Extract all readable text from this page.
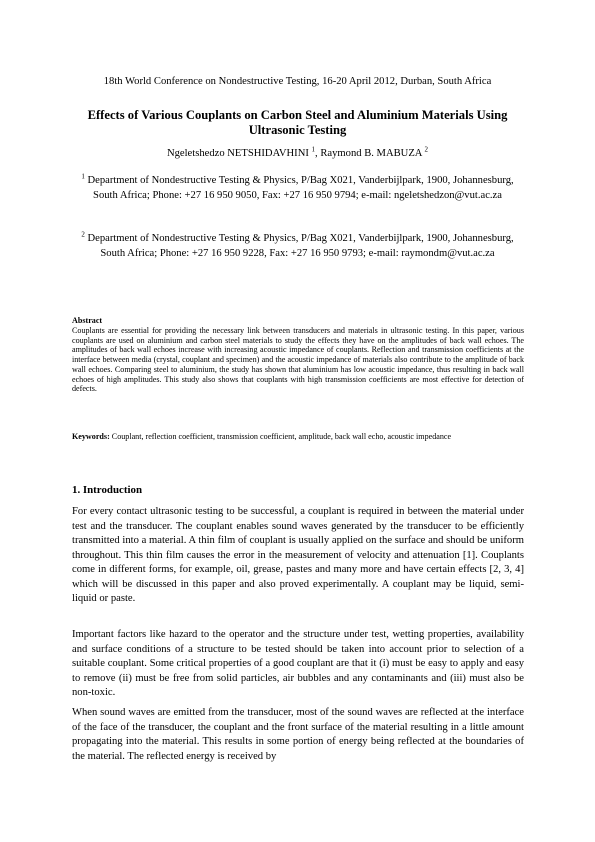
18th World Conference on Nondestructive Testing, 16-20 April 2012, Durban, South Africa
Effects of Various Couplants on Carbon Steel and Aluminium Materials Using Ultrasonic Testing
Ngeletshedzo NETSHIDAVHINI $^1$, Raymond B. MABUZA $^2$
$^1$ Department of Nondestructive Testing & Physics, P/Bag X021, Vanderbijlpark, 1900, Johannesburg, South Africa; Phone: +27 16 950 9050, Fax: +27 16 950 9794; e-mail: ngeletshedzon@vut.ac.za
$^2$ Department of Nondestructive Testing & Physics, P/Bag X021, Vanderbijlpark, 1900, Johannesburg, South Africa; Phone: +27 16 950 9228, Fax: +27 16 950 9793; e-mail: raymondm@vut.ac.za
Abstract
Couplants are essential for providing the necessary link between transducers and materials in ultrasonic testing. In this paper, various couplants are used on aluminium and carbon steel materials to study the effects they have on the amplitudes of back wall echoes. The amplitudes of back wall echoes increase with increasing acoustic impedance of couplants. Reflection and transmission coefficients at the interface between media (crystal, couplant and specimen) and the acoustic impedance of materials also contribute to the amplitude of back wall echoes. Comparing steel to aluminium, the study has shown that aluminium has low acoustic impedance, thus resulting in back wall echoes of high amplitudes. This study also shows that couplants with high transmission coefficients are most effective for detection of defects.
Keywords: Couplant, reflection coefficient, transmission coefficient, amplitude, back wall echo, acoustic impedance
1. Introduction

For every contact ultrasonic testing to be successful, a couplant is required in between the material under test and the transducer. The couplant enables sound waves generated by the transducer to be efficiently transmitted into a material. A thin film of couplant is usually applied on the surface and should be uniform throughout. This thin film causes the error in the measurement of velocity and attenuation [1]. Couplants come in different forms, for example, oil, grease, pastes and many more and have certain effects [2, 3, 4] which will be discussed in this paper and also proved experimentally. A couplant may be liquid, semi-liquid or paste.

Important factors like hazard to the operator and the structure under test, wetting properties, availability and surface conditions of a structure to be tested should be taken into account prior to selection of a suitable couplant. Some critical properties of a good couplant are that it (i) must be easy to apply and easy to remove (ii) must be free from solid particles, air bubbles and any contaminants and (iii) must also be non-toxic.

When sound waves are emitted from the transducer, most of the sound waves are reflected at the interface of the face of the transducer, the couplant and the front surface of the material resulting in a little amount propagating into the material. This results in some portion of energy being reflected at the boundaries of the material. The reflected energy is received by
